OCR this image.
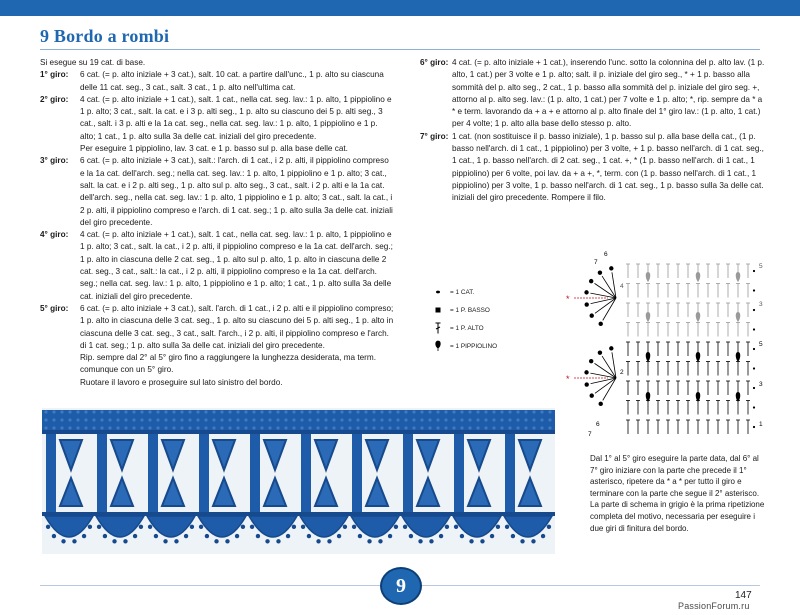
9 Bordo a rombi

Si esegue su 19 cat. di base.

1° giro:	6 cat. (= p. alto iniziale + 3 cat.), salt. 10 cat. a partire dall'unc., 1 p. alto su ciascuna delle 11 cat. seg., 3 cat., salt. 3 cat., 1 p. alto nell'ultima cat.
2° giro:	4 cat. (= p. alto iniziale + 1 cat.), salt. 1 cat., nella cat. seg. lav.: 1 p. alto, 1 pippiolino e 1 p. alto; 3 cat., salt. la cat. e i 3 p. alti seg., 1 p. alto su ciascuno dei 5 p. alti seg., 3 cat., salt. i 3 p. alti e la 1a cat. seg., nella cat. seg. lav.: 1 p. alto, 1 pippiolino e 1 p. alto; 1 cat., 1 p. alto sulla 3a delle cat. iniziali del giro precedente.
Per eseguire 1 pippiolino, lav. 3 cat. e 1 p. basso sul p. alla base delle cat.
3° giro:	6 cat. (= p. alto iniziale + 3 cat.), salt.: l'arch. di 1 cat., i 2 p. alti, il pippiolino compreso e la 1a cat. dell'arch. seg.; nella cat. seg. lav.: 1 p. alto, 1 pippiolino e 1 p. alto; 3 cat., salt. la cat. e i 2 p. alti seg., 1 p. alto sul p. alto seg., 3 cat., salt. i 2 p. alti e la 1a cat. dell'arch. seg., nella cat. seg. lav.: 1 p. alto, 1 pippiolino e 1 p. alto; 3 cat., salt. la cat., i 2 p. alti, il pippiolino compreso e l'arch. di 1 cat. seg.; 1 p. alto sulla 3a delle cat. iniziali del giro precedente.
4° giro:	4 cat. (= p. alto iniziale + 1 cat.), salt. 1 cat., nella cat. seg. lav.: 1 p. alto, 1 pippiolino e 1 p. alto; 3 cat., salt. la cat., i 2 p. alti, il pippiolino compreso e la 1a cat. dell'arch. seg.; 1 p. alto in ciascuna delle 2 cat. seg., 1 p. alto sul p. alto, 1 p. alto in ciascuna delle 2 cat. seg., 3 cat., salt.: la cat., i 2 p. alti, il pippiolino compreso e la 1a cat. dell'arch. seg.; nella cat. seg. lav.: 1 p. alto, 1 pippiolino e 1 p. alto; 1 cat., 1 p. alto sulla 3a delle cat. iniziali del giro precedente.
5° giro:	6 cat. (= p. alto iniziale + 3 cat.), salt. l'arch. di 1 cat., i 2 p. alti e il pippiolino compreso; 1 p. alto in ciascuna delle 3 cat. seg., 1 p. alto su ciascuno dei 5 p. alti seg., 1 p. alto in ciascuna delle 3 cat. seg., 3 cat., salt. l'arch., i 2 p. alti, il pippiolino compreso e l'arch. di 1 cat. seg.; 1 p. alto sulla 3a delle cat. iniziali del giro precedente.
Rip. sempre dal 2° al 5° giro fino a raggiungere la lunghezza desiderata, ma term. comunque con un 5° giro.
Ruotare il lavoro e proseguire sul lato sinistro del bordo.
6° giro: 4 cat. (= p. alto iniziale + 1 cat.), inserendo l'unc. sotto la colonnina del p. alto lav. (1 p. alto, 1 cat.) per 3 volte e 1 p. alto; salt. il p. iniziale del giro seg., * + 1 p. basso alla sommità del p. alto seg., 2 cat., 1 p. basso alla sommità del p. iniziale del giro seg. +, attorno al p. alto seg. lav.: (1 p. alto, 1 cat.) per 7 volte e 1 p. alto; *, rip. sempre da * a * e term. lavorando da + a + e attorno al p. alto finale del 1° giro lav.: (1 p. alto, 1 cat.) per 4 volte; 1 p. alto alla base dello stesso p. alto.
7° giro: 1 cat. (non sostituisce il p. basso iniziale), 1 p. basso sul p. alla base della cat., (1 p. basso nell'arch. di 1 cat., 1 pippiolino) per 3 volte, + 1 p. basso nell'arch. di 1 cat. seg., 1 cat., 1 p. basso nell'arch. di 2 cat. seg., 1 cat. +, * (1 p. basso nell'arch. di 1 cat., 1 pippiolino) per 6 volte, poi lav. da + a +, *, term. con (1 p. basso nell'arch. di 1 cat., 1 pippiolino) per 3 volte, 1 p. basso nell'arch. di 1 cat. seg., 1 p. basso sulla 3a delle cat. iniziali del giro precedente. Rompere il filo.
= 1 CAT.
= 1 P. BASSO
= 1 P. ALTO
= 1 PIPPIOLINO
*
*
5
3
5
3
1
6
7
4
2
7
6
Dal 1° al 5° giro eseguire la parte data, dal 6° al 7° giro iniziare con la parte che precede il 1° asterisco, ripetere da * a * per tutto il giro e terminare con la parte che segue il 2° asterisco. La parte di schema in grigio è la prima ripetizione completa del motivo, necessaria per eseguire i due giri di finitura del bordo.
9	147
PassionForum.ru
